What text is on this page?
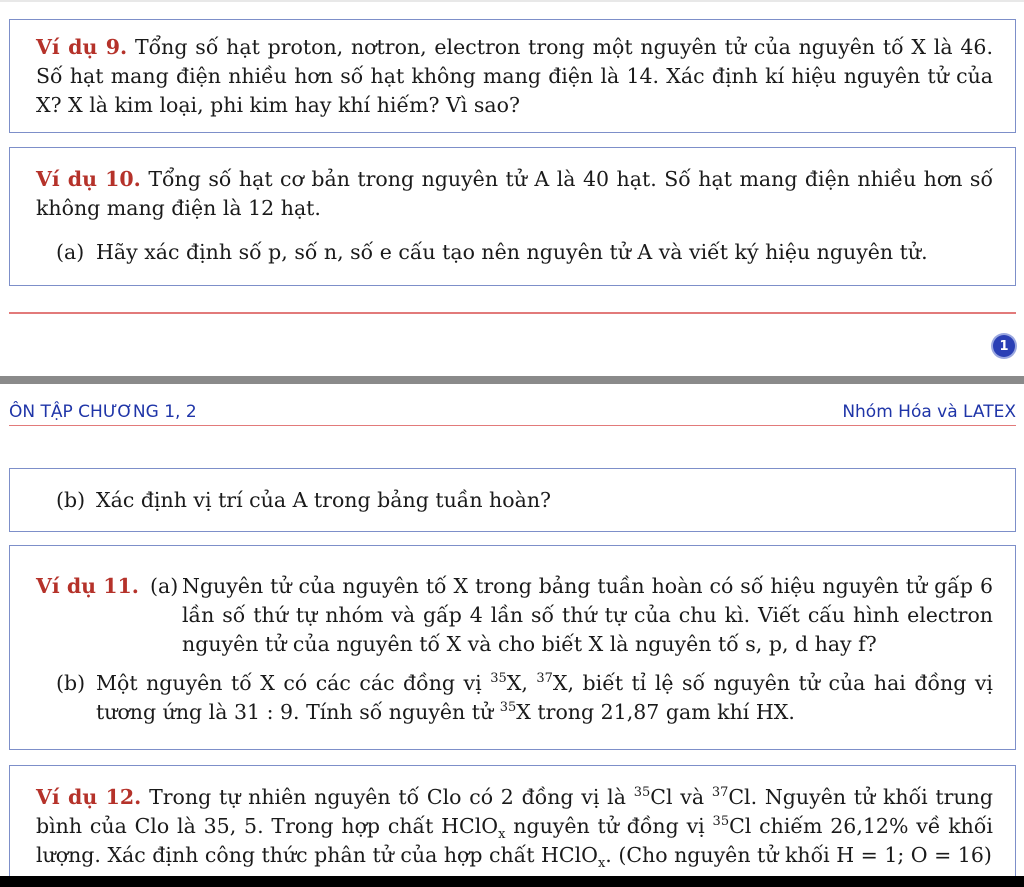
Ví dụ 9. Tổng số hạt proton, nơtron, electron trong một nguyên tử của nguyên tố X là 46. Số hạt mang điện nhiều hơn số hạt không mang điện là 14. Xác định kí hiệu nguyên tử của X? X là kim loại, phi kim hay khí hiếm? Vì sao?
Ví dụ 10. Tổng số hạt cơ bản trong nguyên tử A là 40 hạt. Số hạt mang điện nhiều hơn số không mang điện là 12 hạt.
(a) Hãy xác định số p, số n, số e cấu tạo nên nguyên tử A và viết ký hiệu nguyên tử.
1
ÔN TẬP CHƯƠNG 1, 2	Nhóm Hóa và LATEX
(b) Xác định vị trí của A trong bảng tuần hoàn?
Ví dụ 11. (a) Nguyên tử của nguyên tố X trong bảng tuần hoàn có số hiệu nguyên tử gấp 6 lần số thứ tự nhóm và gấp 4 lần số thứ tự của chu kì. Viết cấu hình electron nguyên tử của nguyên tố X và cho biết X là nguyên tố s, p, d hay f?
(b) Một nguyên tố X có các các đồng vị $^{35}$X, $^{37}$X, biết tỉ lệ số nguyên tử của hai đồng vị tương ứng là 31 : 9. Tính số nguyên tử $^{35}$X trong 21,87 gam khí HX.
Ví dụ 12. Trong tự nhiên nguyên tố Clo có 2 đồng vị là $^{35}$Cl và $^{37}$Cl. Nguyên tử khối trung bình của Clo là 35, 5. Trong hợp chất HClO$_x$ nguyên tử đồng vị $^{35}$Cl chiếm 26,12% về khối lượng. Xác định công thức phân tử của hợp chất HClO$_x$. (Cho nguyên tử khối H = 1; O = 16)
